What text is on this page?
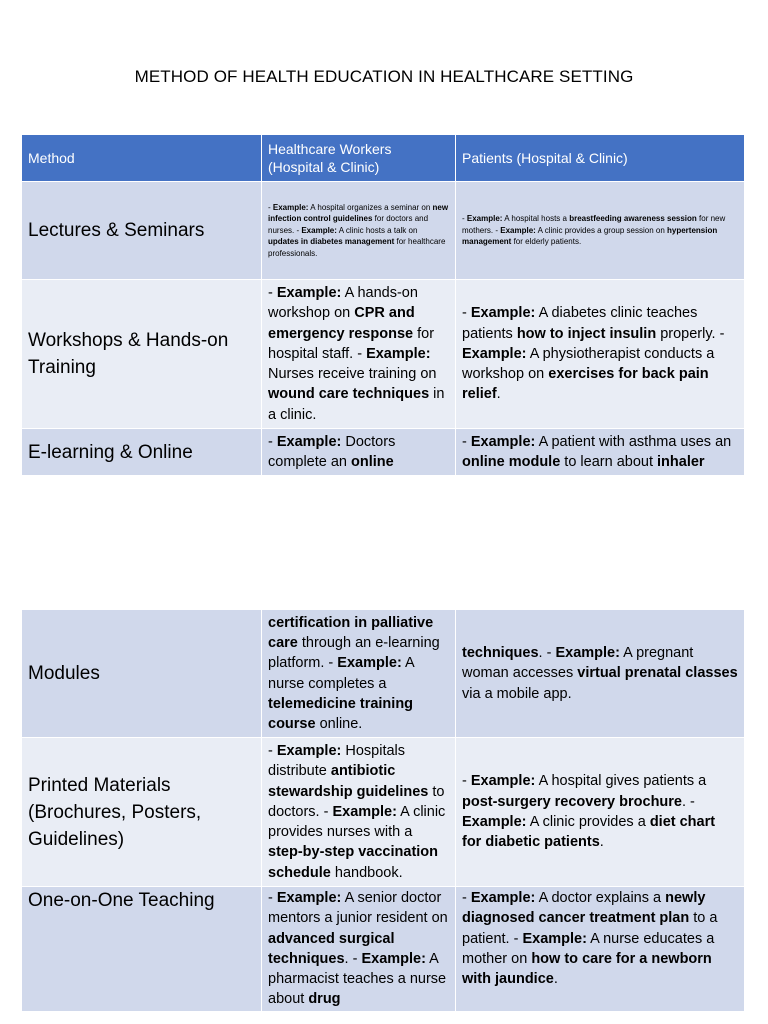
METHOD OF HEALTH EDUCATION IN HEALTHCARE SETTING
Method	Healthcare Workers (Hospital & Clinic)	Patients (Hospital & Clinic)
Lectures & Seminars	- Example: A hospital organizes a seminar on new infection control guidelines for doctors and nurses. - Example: A clinic hosts a talk on updates in diabetes management for healthcare professionals.	- Example: A hospital hosts a breastfeeding awareness session for new mothers. - Example: A clinic provides a group session on hypertension management for elderly patients.
Workshops & Hands-on Training	- Example: A hands-on workshop on CPR and emergency response for hospital staff. - Example: Nurses receive training on wound care techniques in a clinic.	- Example: A diabetes clinic teaches patients how to inject insulin properly. - Example: A physiotherapist conducts a workshop on exercises for back pain relief.
E-learning & Online	- Example: Doctors complete an online	- Example: A patient with asthma uses an online module to learn about inhaler
Modules	certification in palliative care through an e-learning platform. - Example: A nurse completes a telemedicine training course online.	techniques. - Example: A pregnant woman accesses virtual prenatal classes via a mobile app.
Printed Materials (Brochures, Posters, Guidelines)	- Example: Hospitals distribute antibiotic stewardship guidelines to doctors. - Example: A clinic provides nurses with a step-by-step vaccination schedule handbook.	- Example: A hospital gives patients a post-surgery recovery brochure. - Example: A clinic provides a diet chart for diabetic patients.
One-on-One Teaching	- Example: A senior doctor mentors a junior resident on advanced surgical techniques. - Example: A pharmacist teaches a nurse about drug	- Example: A doctor explains a newly diagnosed cancer treatment plan to a patient. - Example: A nurse educates a mother on how to care for a newborn with jaundice.
